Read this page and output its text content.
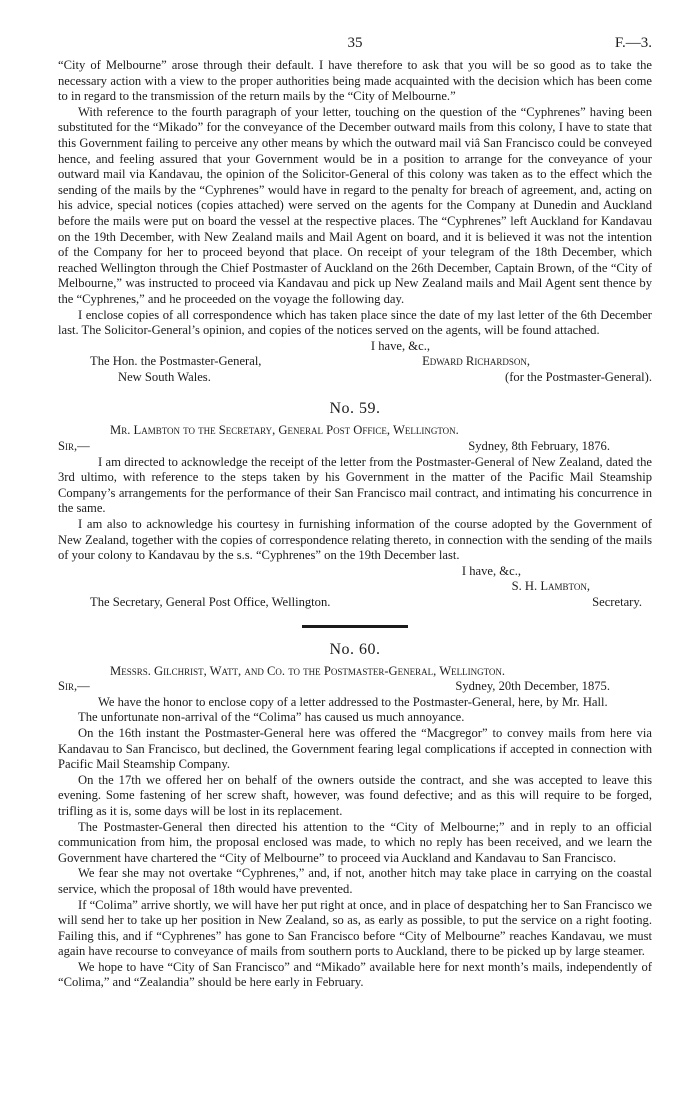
35	F.—3.

“City of Melbourne” arose through their default. I have therefore to ask that you will be so good as to take the necessary action with a view to the proper authorities being made acquainted with the decision which has been come to in regard to the transmission of the return mails by the “City of Melbourne.”

With reference to the fourth paragraph of your letter, touching on the question of the “Cyphrenes” having been substituted for the “Mikado” for the conveyance of the December outward mails from this colony, I have to state that this Government failing to perceive any other means by which the outward mail viâ San Francisco could be conveyed hence, and feeling assured that your Government would be in a position to arrange for the conveyance of your outward mail via Kandavau, the opinion of the Solicitor-General of this colony was taken as to the effect which the sending of the mails by the “Cyphrenes” would have in regard to the penalty for breach of agreement, and, acting on his advice, special notices (copies attached) were served on the agents for the Company at Dunedin and Auckland before the mails were put on board the vessel at the respective places. The “Cyphrenes” left Auckland for Kandavau on the 19th December, with New Zealand mails and Mail Agent on board, and it is believed it was not the intention of the Company for her to proceed beyond that place. On receipt of your telegram of the 18th December, which reached Wellington through the Chief Postmaster of Auckland on the 26th December, Captain Brown, of the “City of Melbourne,” was instructed to proceed via Kandavau and pick up New Zealand mails and Mail Agent sent thence by the “Cyphrenes,” and he proceeded on the voyage the following day.

I enclose copies of all correspondence which has taken place since the date of my last letter of the 6th December last. The Solicitor-General’s opinion, and copies of the notices served on the agents, will be found attached.

I have, &c.,
The Hon. the Postmaster-General,	Edward Richardson,
New South Wales.	(for the Postmaster-General).
No. 59.

Mr. Lambton to the Secretary, General Post Office, Wellington.

Sir,—	Sydney, 8th February, 1876.

I am directed to acknowledge the receipt of the letter from the Postmaster-General of New Zealand, dated the 3rd ultimo, with reference to the steps taken by his Government in the matter of the Pacific Mail Steamship Company’s arrangements for the performance of their San Francisco mail contract, and intimating his concurrence in the same.

I am also to acknowledge his courtesy in furnishing information of the course adopted by the Government of New Zealand, together with the copies of correspondence relating thereto, in connection with the sending of the mails of your colony to Kandavau by the s.s. “Cyphrenes” on the 19th December last.

I have, &c.,
S. H. Lambton,
The Secretary, General Post Office, Wellington.	Secretary.
No. 60.

Messrs. Gilchrist, Watt, and Co. to the Postmaster-General, Wellington.

Sir,—	Sydney, 20th December, 1875.

We have the honor to enclose copy of a letter addressed to the Postmaster-General, here, by Mr. Hall.

The unfortunate non-arrival of the “Colima” has caused us much annoyance.

On the 16th instant the Postmaster-General here was offered the “Macgregor” to convey mails from here via Kandavau to San Francisco, but declined, the Government fearing legal complications if accepted in connection with Pacific Mail Steamship Company.

On the 17th we offered her on behalf of the owners outside the contract, and she was accepted to leave this evening. Some fastening of her screw shaft, however, was found defective; and as this will require to be forged, trifling as it is, some days will be lost in its replacement.

The Postmaster-General then directed his attention to the “City of Melbourne;” and in reply to an official communication from him, the proposal enclosed was made, to which no reply has been received, and we learn the Government have chartered the “City of Melbourne” to proceed via Auckland and Kandavau to San Francisco.

We fear she may not overtake “Cyphrenes,” and, if not, another hitch may take place in carrying on the coastal service, which the proposal of 18th would have prevented.

If “Colima” arrive shortly, we will have her put right at once, and in place of despatching her to San Francisco we will send her to take up her position in New Zealand, so as, as early as possible, to put the service on a right footing. Failing this, and if “Cyphrenes” has gone to San Francisco before “City of Melbourne” reaches Kandavau, we must again have recourse to conveyance of mails from southern ports to Auckland, there to be picked up by large steamer.

We hope to have “City of San Francisco” and “Mikado” available here for next month’s mails, independently of “Colima,” and “Zealandia” should be here early in February.
